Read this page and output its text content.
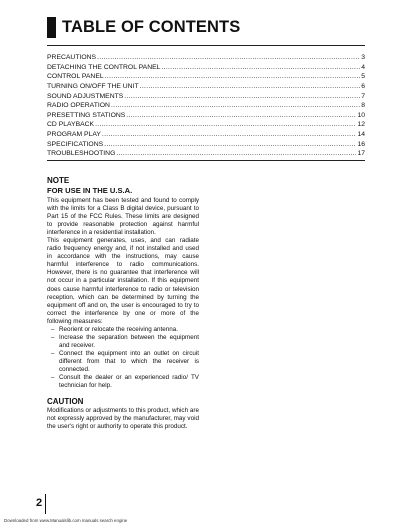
TABLE OF CONTENTS
PRECAUTIONS .....	3
DETACHING THE CONTROL PANEL .....	4
CONTROL PANEL .....	5
TURNING ON/OFF THE UNIT .....	6
SOUND ADJUSTMENTS .....	7
RADIO OPERATION .....	8
PRESETTING STATIONS .....	10
CD PLAYBACK .....	12
PROGRAM PLAY .....	14
SPECIFICATIONS .....	16
TROUBLESHOOTING .....	17
NOTE
FOR USE IN THE U.S.A.

This equipment has been tested and found to comply with the limits for a Class B digital device, pursuant to Part 15 of the FCC Rules. These limits are designed to provide reasonable protection against harmful interference in a residential installation.

This equipment generates, uses, and can radiate radio frequency energy and, if not installed and used in accordance with the instructions, may cause harmful interference to radio communications. However, there is no guarantee that interference will not occur in a particular installation. If this equipment does cause harmful interference to radio or television reception, which can be determined by turning the equipment off and on, the user is encouraged to try to correct the interference by one or more of the following measures:

– Reorient or relocate the receiving antenna.
– Increase the separation between the equipment and receiver.
– Connect the equipment into an outlet on circuit different from that to which the receiver is connected.
– Consult the dealer or an experienced radio/ TV technician for help.
CAUTION
Modifications or adjustments to this product, which are not expressly approved by the manufacturer, may void the user's right or authority to operate this product.
2
Downloaded from www.Manualslib.com manuals search engine
